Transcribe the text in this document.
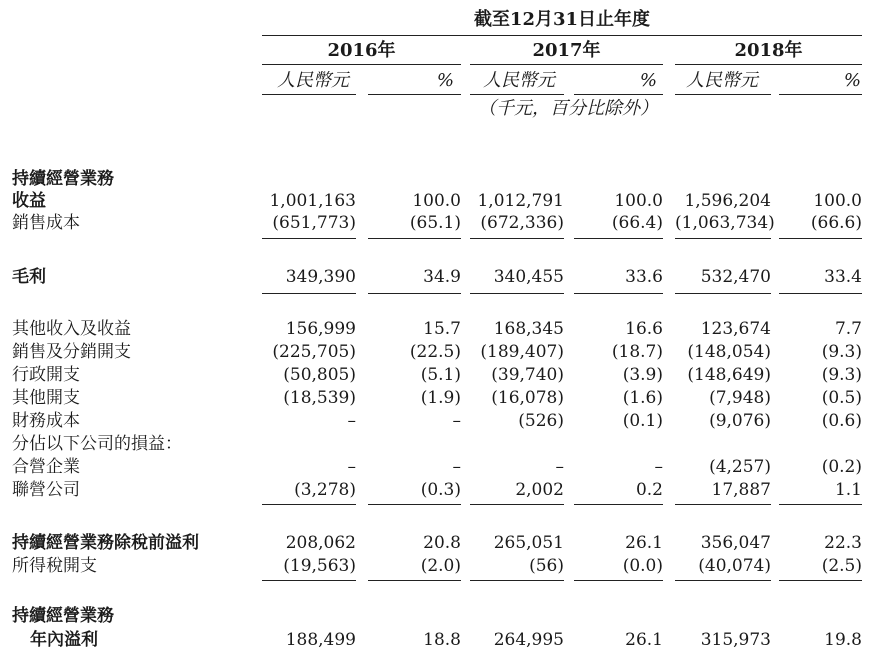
截至12月31日止年度
2016年	2017年	2018年
人民幣元	% 人民幣元	% 人民幣元	%
（千元，百分比除外）
持續經營業務
收益	1,001,163	100.0 1,012,791	100.0	1,596,204	100.0
銷售成本	(651,773)	(65.1)	(672,336)	(66.4) (1,063,734)	(66.6)
毛利	349,390	34.9	340,455	33.6	532,470	33.4
其他收入及收益	156,999	15.7	168,345	16.6	123,674	7.7
銷售及分銷開支	(225,705)	(22.5)	(189,407)	(18.7)	(148,054)	(9.3)
行政開支	(50,805)	(5.1)	(39,740)	(3.9)	(148,649)	(9.3)
其他開支	(18,539)	(1.9)	(16,078)	(1.6)	(7,948)	(0.5)
財務成本	–	–	(526)	(0.1)	(9,076)	(0.6)
分佔以下公司的損益：
合營企業	–	–	–	–	(4,257)	(0.2)
聯營公司	(3,278)	(0.3)	2,002	0.2	17,887	1.1
持續經營業務除稅前溢利	208,062	20.8	265,051	26.1	356,047	22.3
所得稅開支	(19,563)	(2.0)	(56)	(0.0)	(40,074)	(2.5)
持續經營業務
年內溢利	188,499	18.8	264,995	26.1	315,973	19.8
